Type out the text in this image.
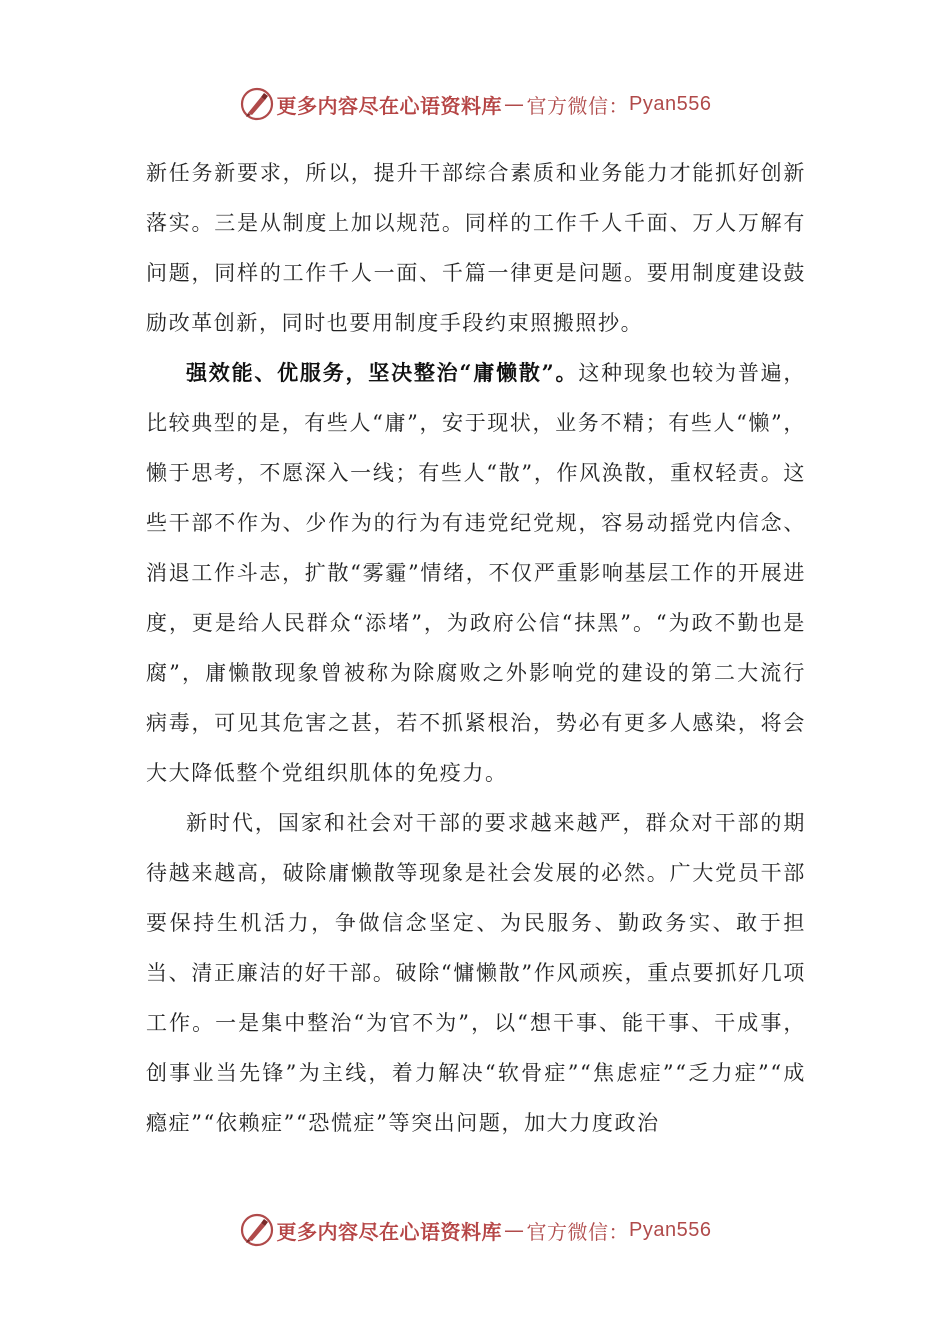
更多内容尽在心语资料库 — 官方微信： Pyan556

新任务新要求，所以，提升干部综合素质和业务能力才能抓好创新落实。三是从制度上加以规范。同样的工作千人千面、万人万解有问题，同样的工作千人一面、千篇一律更是问题。要用制度建设鼓励改革创新，同时也要用制度手段约束照搬照抄。

强效能、优服务，坚决整治“庸懒散”。这种现象也较为普遍，比较典型的是，有些人“庸”，安于现状，业务不精；有些人“懒”，懒于思考，不愿深入一线；有些人“散”，作风涣散，重权轻责。这些干部不作为、少作为的行为有违党纪党规，容易动摇党内信念、消退工作斗志，扩散“雾霾”情绪，不仅严重影响基层工作的开展进度，更是给人民群众“添堵”，为政府公信“抹黑”。“为政不勤也是腐”，庸懒散现象曾被称为除腐败之外影响党的建设的第二大流行病毒，可见其危害之甚，若不抓紧根治，势必有更多人感染，将会大大降低整个党组织肌体的免疫力。

新时代，国家和社会对干部的要求越来越严，群众对干部的期待越来越高，破除庸懒散等现象是社会发展的必然。广大党员干部要保持生机活力，争做信念坚定、为民服务、勤政务实、敢于担当、清正廉洁的好干部。破除“慵懒散”作风顽疾，重点要抓好几项工作。一是集中整治“为官不为”，以“想干事、能干事、干成事，创事业当先锋”为主线，着力解决“软骨症”“焦虑症”“乏力症”“成瘾症”“依赖症”“恐慌症”等突出问题，加大力度政治

更多内容尽在心语资料库 — 官方微信： Pyan556
